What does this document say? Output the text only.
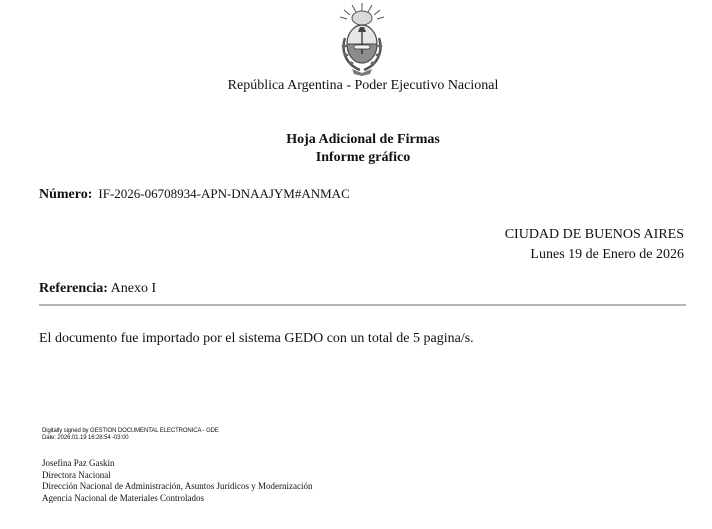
República Argentina - Poder Ejecutivo Nacional
Hoja Adicional de Firmas
Informe gráfico
Número: IF-2026-06708934-APN-DNAAJYM#ANMAC
CIUDAD DE BUENOS AIRES
Lunes 19 de Enero de 2026
Referencia: Anexo I
El documento fue importado por el sistema GEDO con un total de 5 pagina/s.
Digitally signed by GESTION DOCUMENTAL ELECTRONICA - GDE
Date: 2026.01.19 16:28:54 -03:00
Josefina Paz Gaskin
Directora Nacional
Dirección Nacional de Administración, Asuntos Jurídicos y Modernización
Agencia Nacional de Materiales Controlados
